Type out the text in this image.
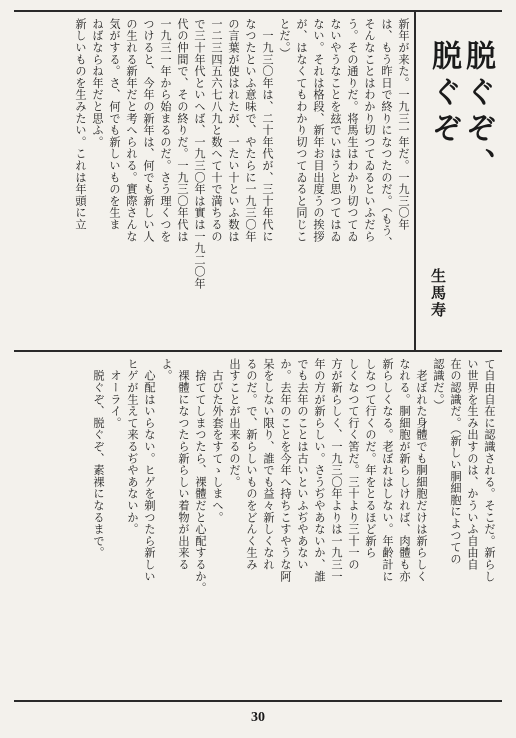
脱ぐぞ、
脱ぐぞ
生馬寿
新年が来た。一九三一年だ。一九三〇年
は、もう昨日で終りになつたのだ。（もう、
そんなことはわかり切つてゐるといふだら
う。その通りだ。将馬生はわかり切つてゐ
ないやうなことを玆でいはうと思つてはゐ
ない。それは格段、新年お目出度うの挨拶
が、はなくてもわかり切つてゐると同じこ
とだ。）
　一九三〇年は、二十年代が、三十年代に
なつたといふ意味で、やたらに一九三〇年
の言葉が使はれたが、一たい十といふ数は
一二三四五六七八九と数へて十で満ちるの
で三十年代といへば、一九三〇年は實は一九二〇年
代の仲間で、その終りだ。一九三〇年代は
一九三一年から始まるのだ。さう理くつを
つけると、今年の新年は、何でも新しい人
の生れる新年だと考へられる。實際さんな
気がする。さ、何でも新しいものを生ま
ねばならね年だと思ふ。
新しいものを生みたい。これは年頭に立
て自由自在に認識される。そこだ。新らし
い世界を生み出すのは、かういふ自由自
在の認識だ。（新しい胴細胞によつての
認識だ。）
　老ぼれた身體でも胴細胞だけは新らしく
なれる。胴細胞が新らしければ、肉體も亦
新らしくなる。老ぼれはしない。年齢計に
しなつて行くのだ。年をとるほど新ら
しくなつて行く筈だ。三十より三十一の
方が新らしく、一九三〇年よりは一九三一
年の方が新らしい。さうぢやあないか、誰
でも去年のことは古いといふぢやあない
か。去年のことを今年へ持ちこすやうな阿
呆をしない限り、誰でも益々新しくなれ
るのだ。で、新らしいものをどんく生み
出すことが出来るのだ。
　古びた外套をすてゝしまへ。
　捨ててしまつたら、裸體だと心配するか。
　裸體になつたら新らしい着物が出来る
よ。
　心配はいらない。ヒゲを剃つたら新しい
ヒゲが生えて来るぢやあないか。
　オーライ。
　脱ぐぞ、脱ぐぞ、素裸になるまで。
30
